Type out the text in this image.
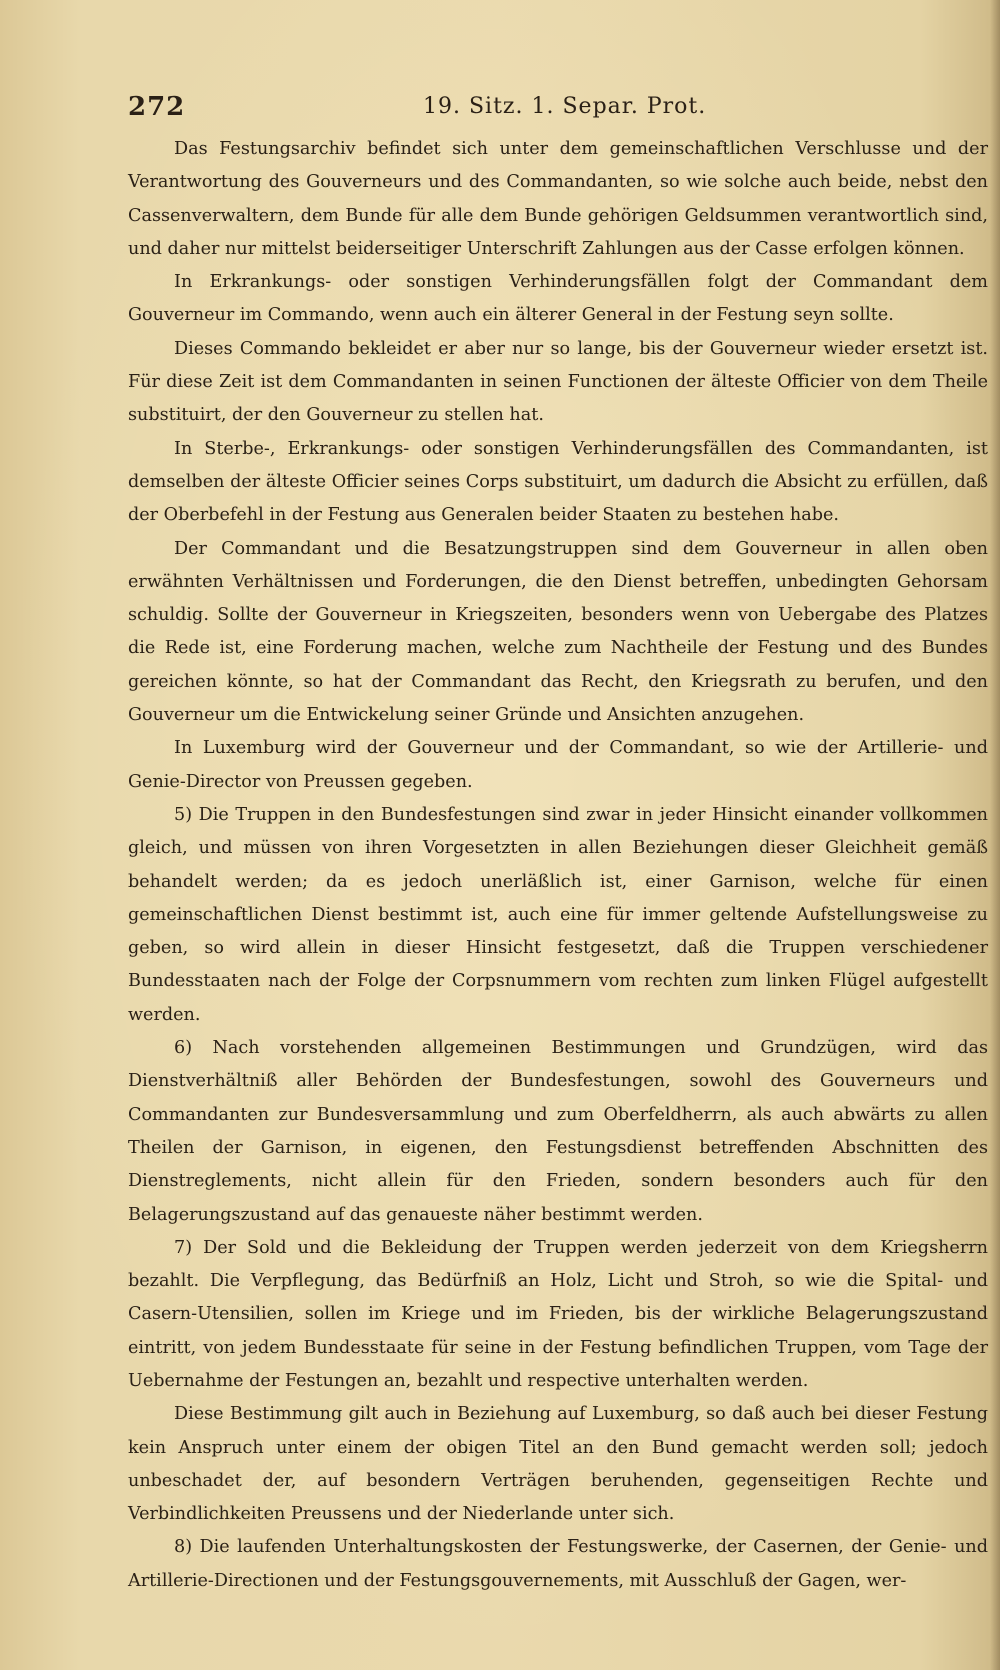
272	19. Sitz. 1. Separ. Prot.

Das Festungsarchiv befindet sich unter dem gemeinschaftlichen Verschlusse und der Verantwortung des Gouverneurs und des Commandanten, so wie solche auch beide, nebst den Cassenverwaltern, dem Bunde für alle dem Bunde gehörigen Geldsummen verantwortlich sind, und daher nur mittelst beiderseitiger Unterschrift Zahlungen aus der Casse erfolgen können.

In Erkrankungs- oder sonstigen Verhinderungsfällen folgt der Commandant dem Gouverneur im Commando, wenn auch ein älterer General in der Festung seyn sollte.

Dieses Commando bekleidet er aber nur so lange, bis der Gouverneur wieder ersetzt ist. Für diese Zeit ist dem Commandanten in seinen Functionen der älteste Officier von dem Theile substituirt, der den Gouverneur zu stellen hat.

In Sterbe-, Erkrankungs- oder sonstigen Verhinderungsfällen des Commandanten, ist demselben der älteste Officier seines Corps substituirt, um dadurch die Absicht zu erfüllen, daß der Oberbefehl in der Festung aus Generalen beider Staaten zu bestehen habe.

Der Commandant und die Besatzungstruppen sind dem Gouverneur in allen oben erwähnten Verhältnissen und Forderungen, die den Dienst betreffen, unbedingten Gehorsam schuldig. Sollte der Gouverneur in Kriegszeiten, besonders wenn von Uebergabe des Platzes die Rede ist, eine Forderung machen, welche zum Nachtheile der Festung und des Bundes gereichen könnte, so hat der Commandant das Recht, den Kriegsrath zu berufen, und den Gouverneur um die Entwickelung seiner Gründe und Ansichten anzugehen.

In Luxemburg wird der Gouverneur und der Commandant, so wie der Artillerie- und Genie-Director von Preussen gegeben.

5) Die Truppen in den Bundesfestungen sind zwar in jeder Hinsicht einander vollkommen gleich, und müssen von ihren Vorgesetzten in allen Beziehungen dieser Gleichheit gemäß behandelt werden; da es jedoch unerläßlich ist, einer Garnison, welche für einen gemeinschaftlichen Dienst bestimmt ist, auch eine für immer geltende Aufstellungsweise zu geben, so wird allein in dieser Hinsicht festgesetzt, daß die Truppen verschiedener Bundesstaaten nach der Folge der Corpsnummern vom rechten zum linken Flügel aufgestellt werden.

6) Nach vorstehenden allgemeinen Bestimmungen und Grundzügen, wird das Dienstverhältniß aller Behörden der Bundesfestungen, sowohl des Gouverneurs und Commandanten zur Bundesversammlung und zum Oberfeldherrn, als auch abwärts zu allen Theilen der Garnison, in eigenen, den Festungsdienst betreffenden Abschnitten des Dienstreglements, nicht allein für den Frieden, sondern besonders auch für den Belagerungszustand auf das genaueste näher bestimmt werden.

7) Der Sold und die Bekleidung der Truppen werden jederzeit von dem Kriegsherrn bezahlt. Die Verpflegung, das Bedürfniß an Holz, Licht und Stroh, so wie die Spital- und Casern-Utensilien, sollen im Kriege und im Frieden, bis der wirkliche Belagerungszustand eintritt, von jedem Bundesstaate für seine in der Festung befindlichen Truppen, vom Tage der Uebernahme der Festungen an, bezahlt und respective unterhalten werden.

Diese Bestimmung gilt auch in Beziehung auf Luxemburg, so daß auch bei dieser Festung kein Anspruch unter einem der obigen Titel an den Bund gemacht werden soll; jedoch unbeschadet der, auf besondern Verträgen beruhenden, gegenseitigen Rechte und Verbindlichkeiten Preussens und der Niederlande unter sich.

8) Die laufenden Unterhaltungskosten der Festungswerke, der Casernen, der Genie- und Artillerie-Directionen und der Festungsgouvernements, mit Ausschluß der Gagen, wer-
